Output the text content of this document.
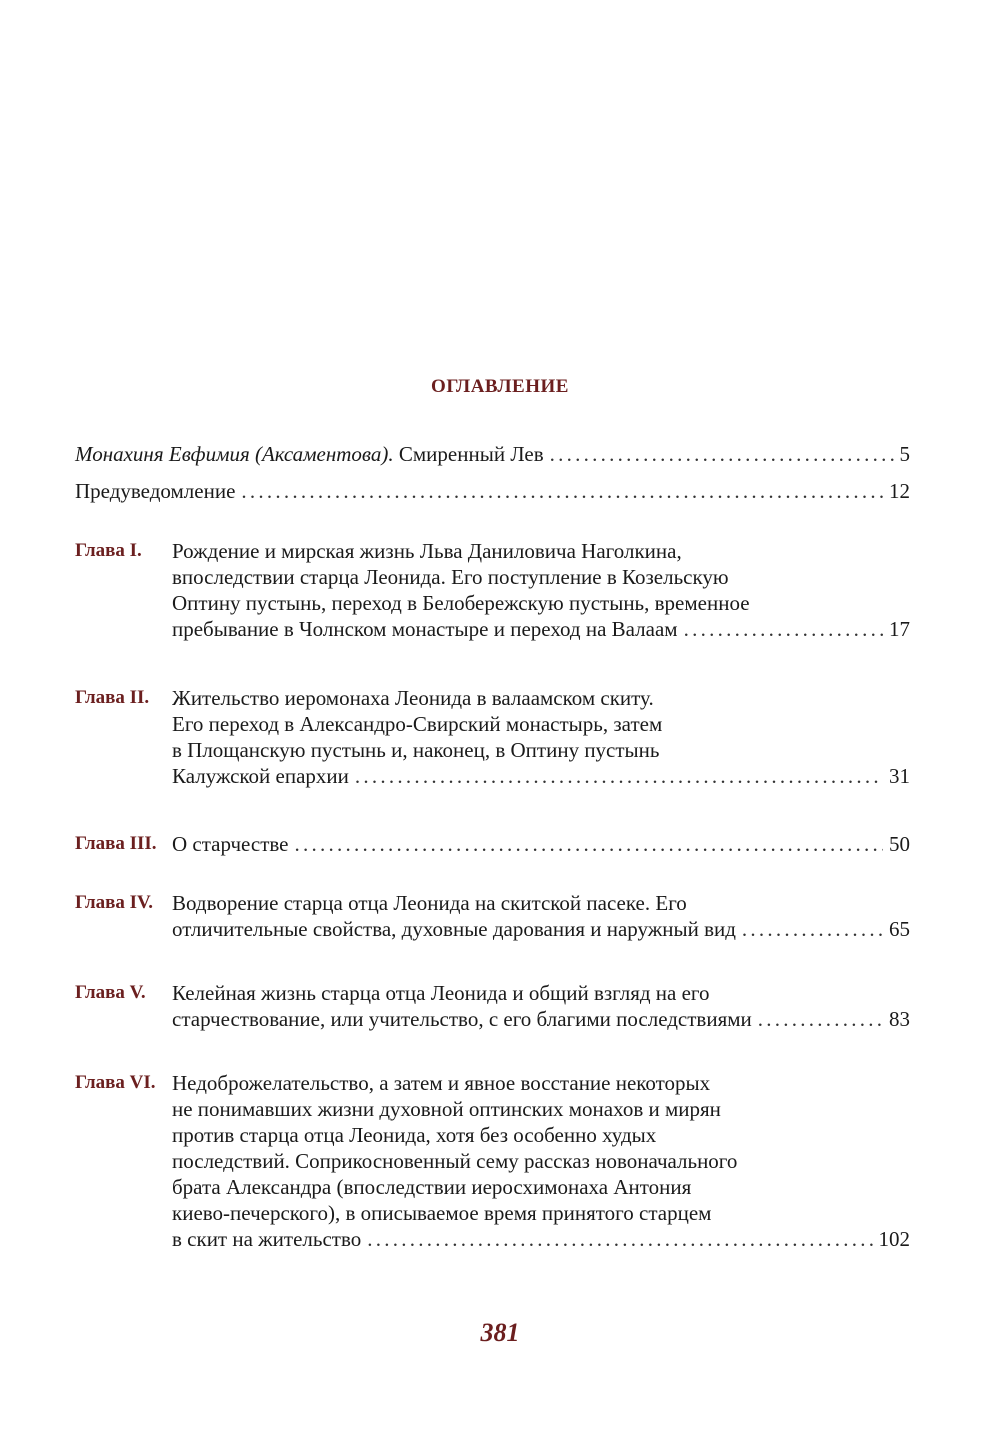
ОГЛАВЛЕНИЕ
Монахиня Евфимия (Аксаментова). Смиренный Лев . . .	5
Предуведомление . . .	12
Глава I. Рождение и мирская жизнь Льва Даниловича Наголкина,
впоследствии старца Леонида. Его поступление в Козельскую
Оптину пустынь, переход в Белобережскую пустынь, временное
пребывание в Чолнском монастыре и переход на Валаам . . .	17
Глава II. Жительство иеромонаха Леонида в валаамском скиту.
Его переход в Александро-Свирский монастырь, затем
в Площанскую пустынь и, наконец, в Оптину пустынь
Калужской епархии . . .	31
Глава III. О старчестве . . .	50
Глава IV. Водворение старца отца Леонида на скитской пасеке. Его
отличительные свойства, духовные дарования и наружный вид . . .	65
Глава V. Келейная жизнь старца отца Леонида и общий взгляд на его
старчествование, или учительство, с его благими последствиями . . .	83
Глава VI. Недоброжелательство, а затем и явное восстание некоторых
не понимавших жизни духовной оптинских монахов и мирян
против старца отца Леонида, хотя без особенно худых
последствий. Соприкосновенный сему рассказ новоначального
брата Александра (впоследствии иеросхимонаха Антония
киево-печерского), в описываемое время принятого старцем
в скит на жительство . . .	102
381
